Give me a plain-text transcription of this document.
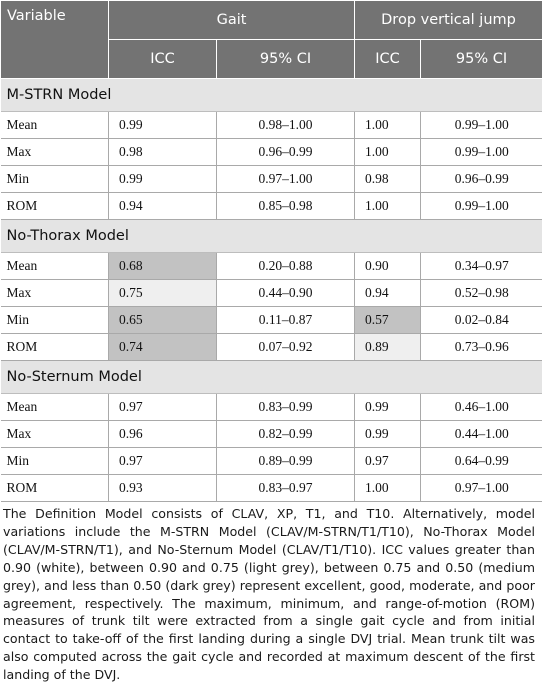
Variable	Gait		Drop vertical jump	
	ICC	95% CI	ICC	95% CI
M-STRN Model				
Mean	0.99	0.98–1.00	1.00	0.99–1.00
Max	0.98	0.96–0.99	1.00	0.99–1.00
Min	0.99	0.97–1.00	0.98	0.96–0.99
ROM	0.94	0.85–0.98	1.00	0.99–1.00
No-Thorax Model				
Mean	0.68	0.20–0.88	0.90	0.34–0.97
Max	0.75	0.44–0.90	0.94	0.52–0.98
Min	0.65	0.11–0.87	0.57	0.02–0.84
ROM	0.74	0.07–0.92	0.89	0.73–0.96
No-Sternum Model				
Mean	0.97	0.83–0.99	0.99	0.46–1.00
Max	0.96	0.82–0.99	0.99	0.44–1.00
Min	0.97	0.89–0.99	0.97	0.64–0.99
ROM	0.93	0.83–0.97	1.00	0.97–1.00
The Definition Model consists of CLAV, XP, T1, and T10. Alternatively, model variations include the M-STRN Model (CLAV/M-STRN/T1/T10), No-Thorax Model (CLAV/M-STRN/T1), and No-Sternum Model (CLAV/T1/T10). ICC values greater than 0.90 (white), between 0.90 and 0.75 (light grey), between 0.75 and 0.50 (medium grey), and less than 0.50 (dark grey) represent excellent, good, moderate, and poor agreement, respectively. The maximum, minimum, and range-of-motion (ROM) measures of trunk tilt were extracted from a single gait cycle and from initial contact to take-off of the first landing during a single DVJ trial. Mean trunk tilt was also computed across the gait cycle and recorded at maximum descent of the first landing of the DVJ.
